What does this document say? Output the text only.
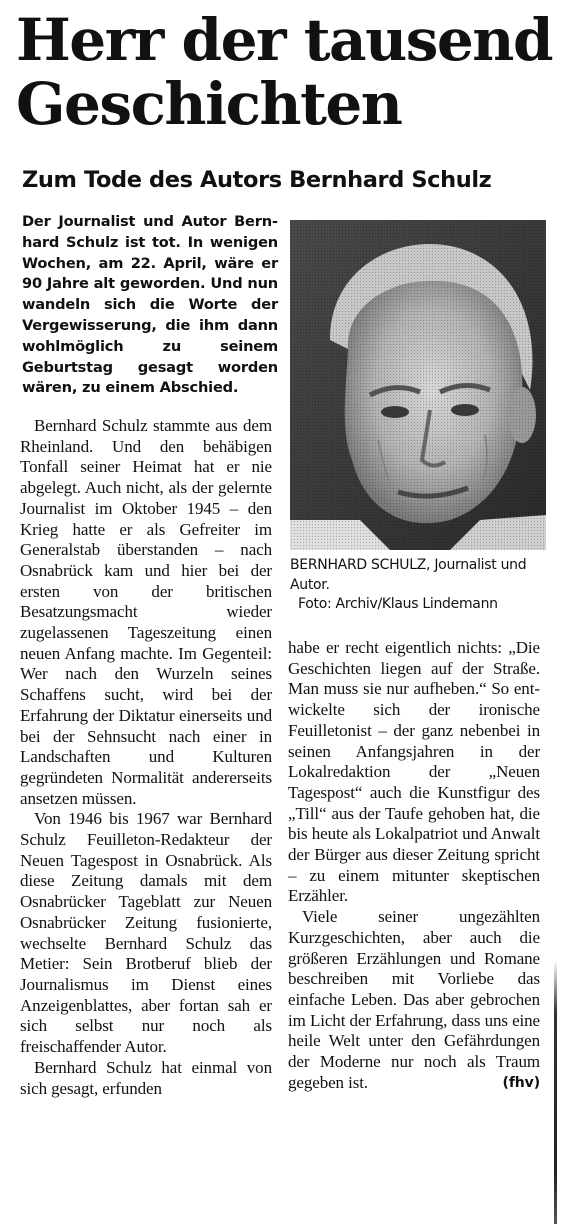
Herr der tausend
Geschichten
Zum Tode des Autors Bernhard Schulz

Der Journalist und Autor Bernhard Schulz ist tot. In wenigen Wochen, am 22. April, wäre er 90 Jahre alt geworden. Und nun wandeln sich die Worte der Vergewisserung, die ihm dann wohlmöglich zu seinem Geburtstag gesagt worden wären, zu einem Abschied.

BERNHARD SCHULZ, Journalist und Autor.
Foto: Archiv/Klaus Lindemann

Bernhard Schulz stammte aus dem Rheinland. Und den behäbigen Tonfall seiner Heimat hat er nie abgelegt. Auch nicht, als der gelernte Journalist im Oktober 1945 – den Krieg hatte er als Gefreiter im Generalstab überstanden – nach Osnabrück kam und hier bei der ersten von der britischen Besatzungsmacht wieder zugelassenen Tageszeitung einen neuen Anfang machte. Im Gegenteil: Wer nach den Wurzeln seines Schaffens sucht, wird bei der Erfahrung der Diktatur einerseits und bei der Sehnsucht nach einer in Landschaften und Kulturen gegründeten Normalität andererseits ansetzen müssen.

Von 1946 bis 1967 war Bernhard Schulz Feuilleton-Redakteur der Neuen Tagespost in Osnabrück. Als diese Zeitung damals mit dem Osnabrücker Tageblatt zur Neuen Osnabrücker Zeitung fusionierte, wechselte Bernhard Schulz das Metier: Sein Brotberuf blieb der Journalismus im Dienst eines Anzeigenblattes, aber fortan sah er sich selbst nur noch als freischaffender Autor.

Bernhard Schulz hat einmal von sich gesagt, erfunden

habe er recht eigentlich nichts: „Die Geschichten liegen auf der Straße. Man muss sie nur aufheben.“ So entwickelte sich der ironische Feuilletonist – der ganz nebenbei in seinen Anfangsjahren in der Lokalredaktion der „Neuen Tagespost“ auch die Kunstfigur des „Till“ aus der Taufe gehoben hat, die bis heute als Lokalpatriot und Anwalt der Bürger aus dieser Zeitung spricht – zu einem mitunter skeptischen Erzähler.

Viele seiner ungezählten Kurzgeschichten, aber auch die größeren Erzählungen und Romane beschreiben mit Vorliebe das einfache Leben. Das aber gebrochen im Licht der Erfahrung, dass uns eine heile Welt unter den Gefährdungen der Moderne nur noch als Traum gegeben ist.	(fhv)
